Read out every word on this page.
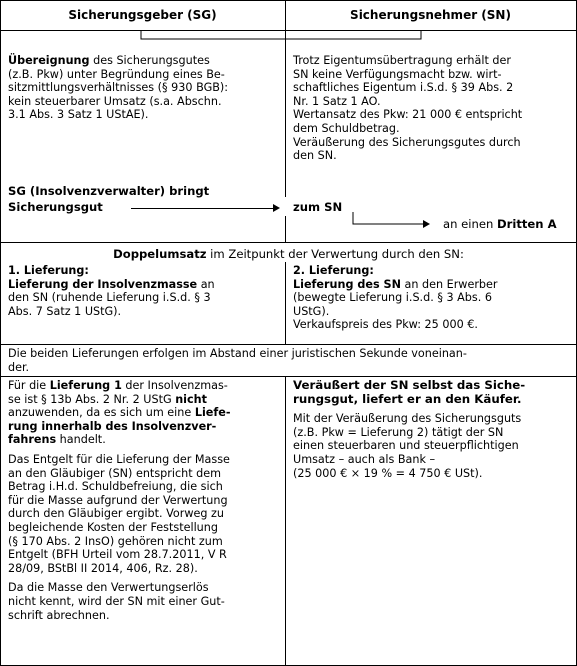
Sicherungsgeber (SG)	Sicherungsnehmer (SN)

Übereignung des Sicherungsgutes

(z.B. Pkw) unter Begründung eines Be-

sitzmittlungsverhältnisses (§ 930 BGB):

kein steuerbarer Umsatz (s.a. Abschn.

3.1 Abs. 3 Satz 1 UStAE).

Trotz Eigentumsübertragung erhält der

SN keine Verfügungsmacht bzw. wirt-

schaftliches Eigentum i.S.d. § 39 Abs. 2

Nr. 1 Satz 1 AO.

Wertansatz des Pkw: 21 000 € entspricht

dem Schuldbetrag.

Veräußerung des Sicherungsgutes durch

den SN.

SG (Insolvenzverwalter) bringt
Sicherungsgut	zum SN
an einen Dritten A
Doppelumsatz im Zeitpunkt der Verwertung durch den SN:

1. Lieferung:

Lieferung der Insolvenzmasse an

den SN (ruhende Lieferung i.S.d. § 3

Abs. 7 Satz 1 UStG).

2. Lieferung:

Lieferung des SN an den Erwerber

(bewegte Lieferung i.S.d. § 3 Abs. 6

UStG).

Verkaufspreis des Pkw: 25 000 €.

Die beiden Lieferungen erfolgen im Abstand einer juristischen Sekunde voneinan-

der.

Für die Lieferung 1 der Insolvenzmas-

se ist § 13b Abs. 2 Nr. 2 UStG nicht

anzuwenden, da es sich um eine Liefe-

rung innerhalb des Insolvenzver-

fahrens handelt.

Das Entgelt für die Lieferung der Masse

an den Gläubiger (SN) entspricht dem

Betrag i.H.d. Schuldbefreiung, die sich

für die Masse aufgrund der Verwertung

durch den Gläubiger ergibt. Vorweg zu

begleichende Kosten der Feststellung

(§ 170 Abs. 2 InsO) gehören nicht zum

Entgelt (BFH Urteil vom 28.7.2011, V R

28/09, BStBl II 2014, 406, Rz. 28).

Da die Masse den Verwertungserlös

nicht kennt, wird der SN mit einer Gut-

schrift abrechnen.

Veräußert der SN selbst das Siche-

rungsgut, liefert er an den Käufer.

Mit der Veräußerung des Sicherungsguts

(z.B. Pkw = Lieferung 2) tätigt der SN

einen steuerbaren und steuerpflichtigen

Umsatz – auch als Bank –

(25 000 € × 19 % = 4 750 € USt).
